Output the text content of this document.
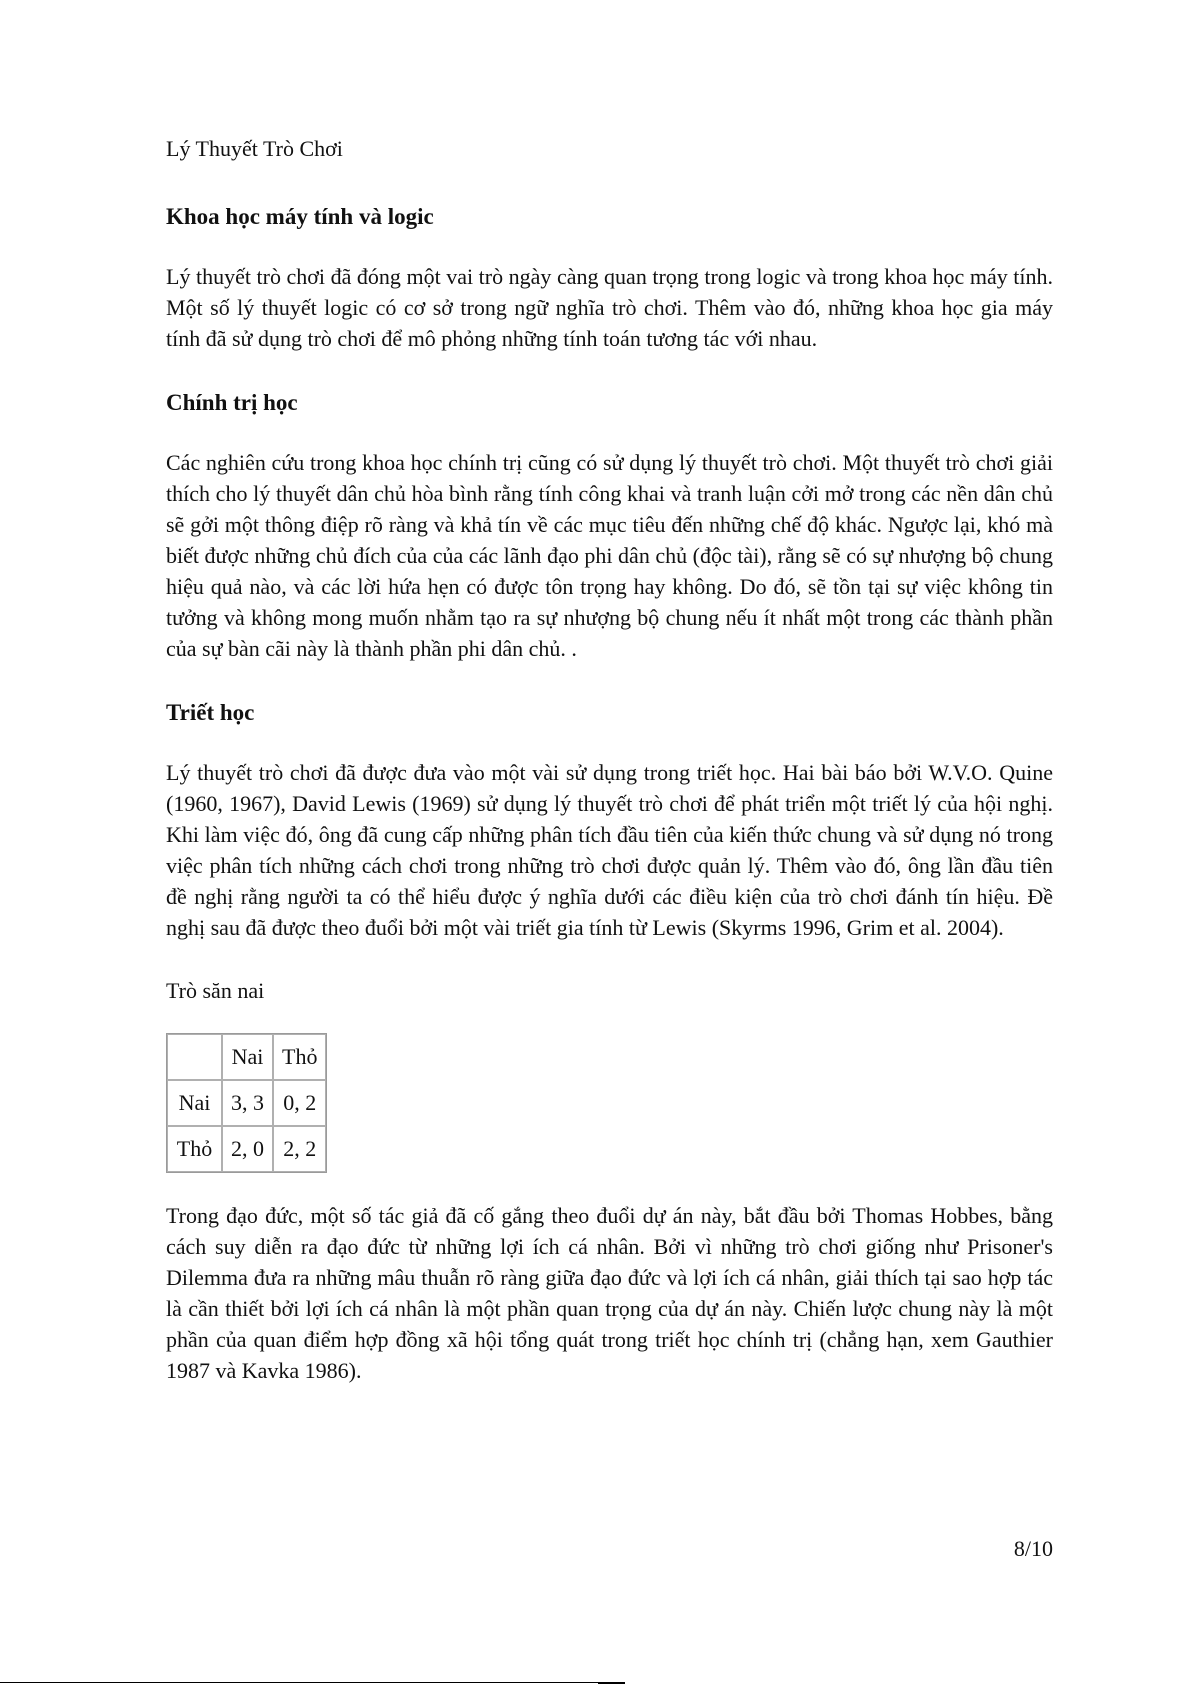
Lý Thuyết Trò Chơi
Khoa học máy tính và logic

Lý thuyết trò chơi đã đóng một vai trò ngày càng quan trọng trong logic và trong khoa học máy tính. Một số lý thuyết logic có cơ sở trong ngữ nghĩa trò chơi. Thêm vào đó, những khoa học gia máy tính đã sử dụng trò chơi để mô phỏng những tính toán tương tác với nhau.

Chính trị học

Các nghiên cứu trong khoa học chính trị cũng có sử dụng lý thuyết trò chơi. Một thuyết trò chơi giải thích cho lý thuyết dân chủ hòa bình rằng tính công khai và tranh luận cởi mở trong các nền dân chủ sẽ gởi một thông điệp rõ ràng và khả tín về các mục tiêu đến những chế độ khác. Ngược lại, khó mà biết được những chủ đích của của các lãnh đạo phi dân chủ (độc tài), rằng sẽ có sự nhượng bộ chung hiệu quả nào, và các lời hứa hẹn có được tôn trọng hay không. Do đó, sẽ tồn tại sự việc không tin tưởng và không mong muốn nhằm tạo ra sự nhượng bộ chung nếu ít nhất một trong các thành phần của sự bàn cãi này là thành phần phi dân chủ. .

Triết học

Lý thuyết trò chơi đã được đưa vào một vài sử dụng trong triết học. Hai bài báo bởi W.V.O. Quine (1960, 1967), David Lewis (1969) sử dụng lý thuyết trò chơi để phát triển một triết lý của hội nghị. Khi làm việc đó, ông đã cung cấp những phân tích đầu tiên của kiến thức chung và sử dụng nó trong việc phân tích những cách chơi trong những trò chơi được quản lý. Thêm vào đó, ông lần đầu tiên đề nghị rằng người ta có thể hiểu được ý nghĩa dưới các điều kiện của trò chơi đánh tín hiệu. Đề nghị sau đã được theo đuổi bởi một vài triết gia tính từ Lewis (Skyrms 1996, Grim et al. 2004).

Trò săn nai
	Nai	Thỏ
Nai	3, 3	0, 2
Thỏ	2, 0	2, 2

Trong đạo đức, một số tác giả đã cố gắng theo đuổi dự án này, bắt đầu bởi Thomas Hobbes, bằng cách suy diễn ra đạo đức từ những lợi ích cá nhân. Bởi vì những trò chơi giống như Prisoner's Dilemma đưa ra những mâu thuẫn rõ ràng giữa đạo đức và lợi ích cá nhân, giải thích tại sao hợp tác là cần thiết bởi lợi ích cá nhân là một phần quan trọng của dự án này. Chiến lược chung này là một phần của quan điểm hợp đồng xã hội tổng quát trong triết học chính trị (chẳng hạn, xem Gauthier 1987 và Kavka 1986).

8/10
